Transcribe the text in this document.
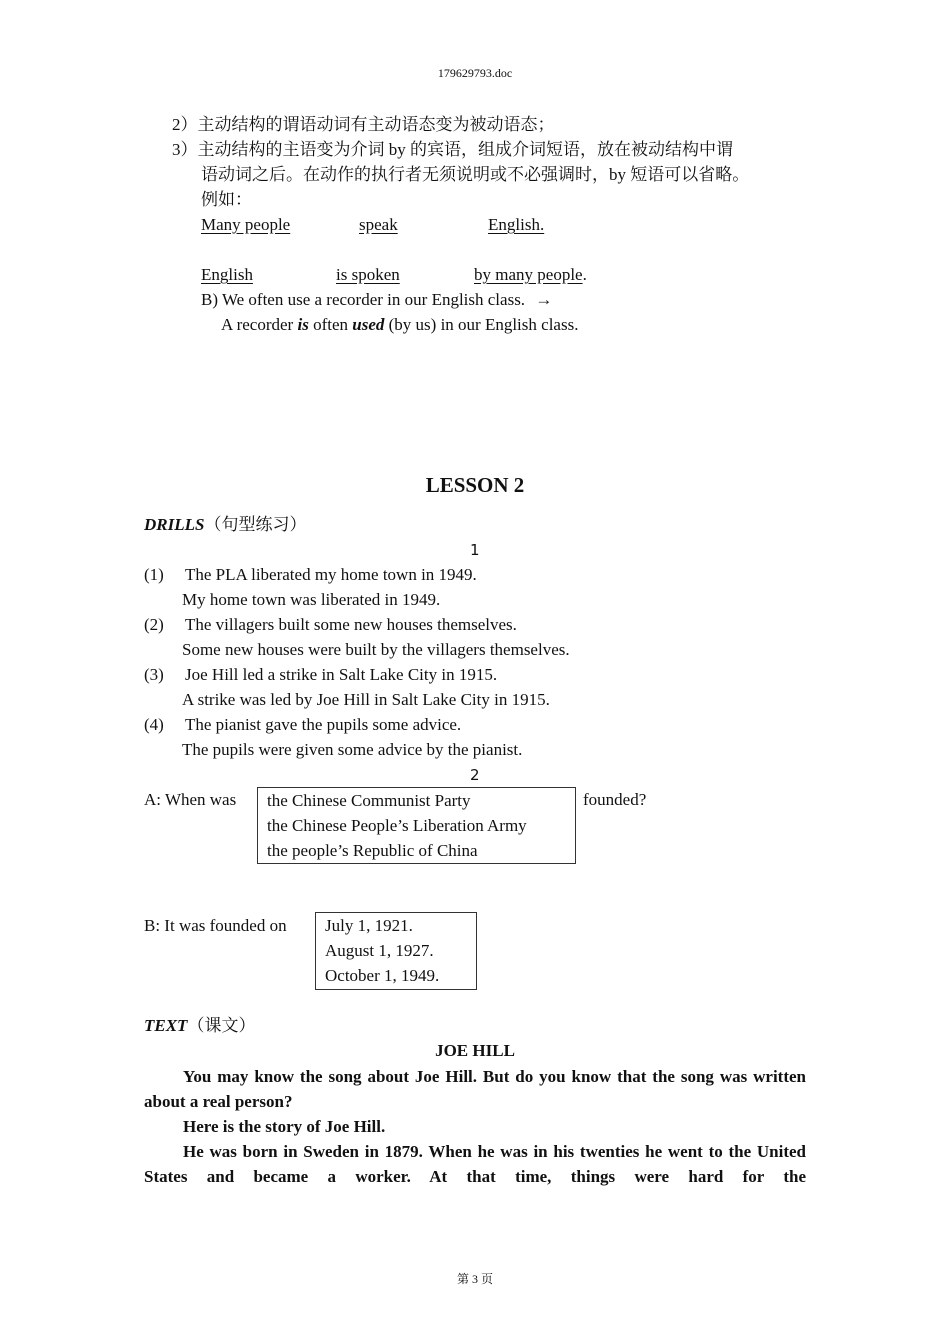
179629793.doc
2）主动结构的谓语动词有主动语态变为被动语态；
3）主动结构的主语变为介词 by 的宾语，组成介词短语，放在被动结构中谓
语动词之后。在动作的执行者无须说明或不必强调时，by 短语可以省略。
例如：
Many people	speak	English.
English	is spoken	by many people.
B) We often use a recorder in our English class. →
A recorder is often used (by us) in our English class.
LESSON 2
DRILLS（句型练习）
1
(1) The PLA liberated my home town in 1949.
My home town was liberated in 1949.
(2) The villagers built some new houses themselves.
Some new houses were built by the villagers themselves.
(3) Joe Hill led a strike in Salt Lake City in 1915.
A strike was led by Joe Hill in Salt Lake City in 1915.
(4) The pianist gave the pupils some advice.
The pupils were given some advice by the pianist.
2
A: When was the Chinese Communist Party
the Chinese People’s Liberation Army
the people’s Republic of China
founded?
B: It was founded on July 1, 1921.
August 1, 1927.
October 1, 1949.
TEXT（课文）
JOE HILL

You may know the song about Joe Hill. But do you know that the song was written about a real person?

Here is the story of Joe Hill.

He was born in Sweden in 1879. When he was in his twenties he went to the United States and became a worker. At that time, things were hard for the

第 3 页
